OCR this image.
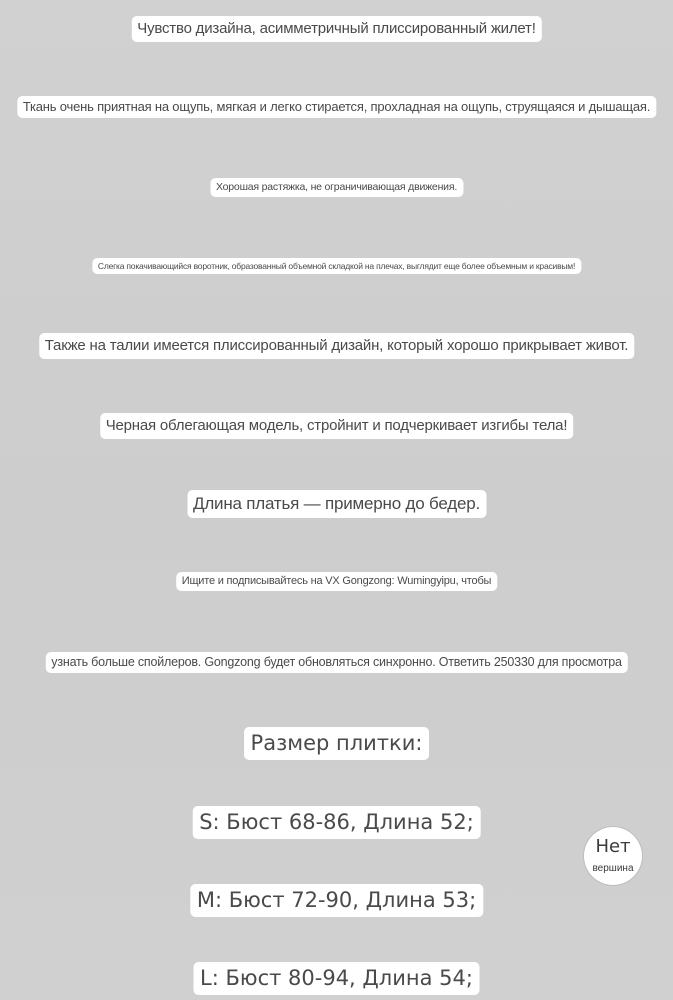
Чувство дизайна, асимметричный плиссированный жилет!
Ткань очень приятная на ощупь, мягкая и легко стирается, прохладная на ощупь, струящаяся и дышащая.
Хорошая растяжка, не ограничивающая движения.
Слегка покачивающийся воротник, образованный объемной складкой на плечах, выглядит еще более объемным и красивым!
Также на талии имеется плиссированный дизайн, который хорошо прикрывает живот.
Черная облегающая модель, стройнит и подчеркивает изгибы тела!
Длина платья — примерно до бедер.
Ищите и подписывайтесь на VX Gongzong: Wumingyipu, чтобы
узнать больше спойлеров. Gongzong будет обновляться синхронно. Ответить 250330 для просмотра
Размер плитки:
S: Бюст 68-86, Длина 52;
M: Бюст 72-90, Длина 53;
L: Бюст 80-94, Длина 54;
Нет
вершина
